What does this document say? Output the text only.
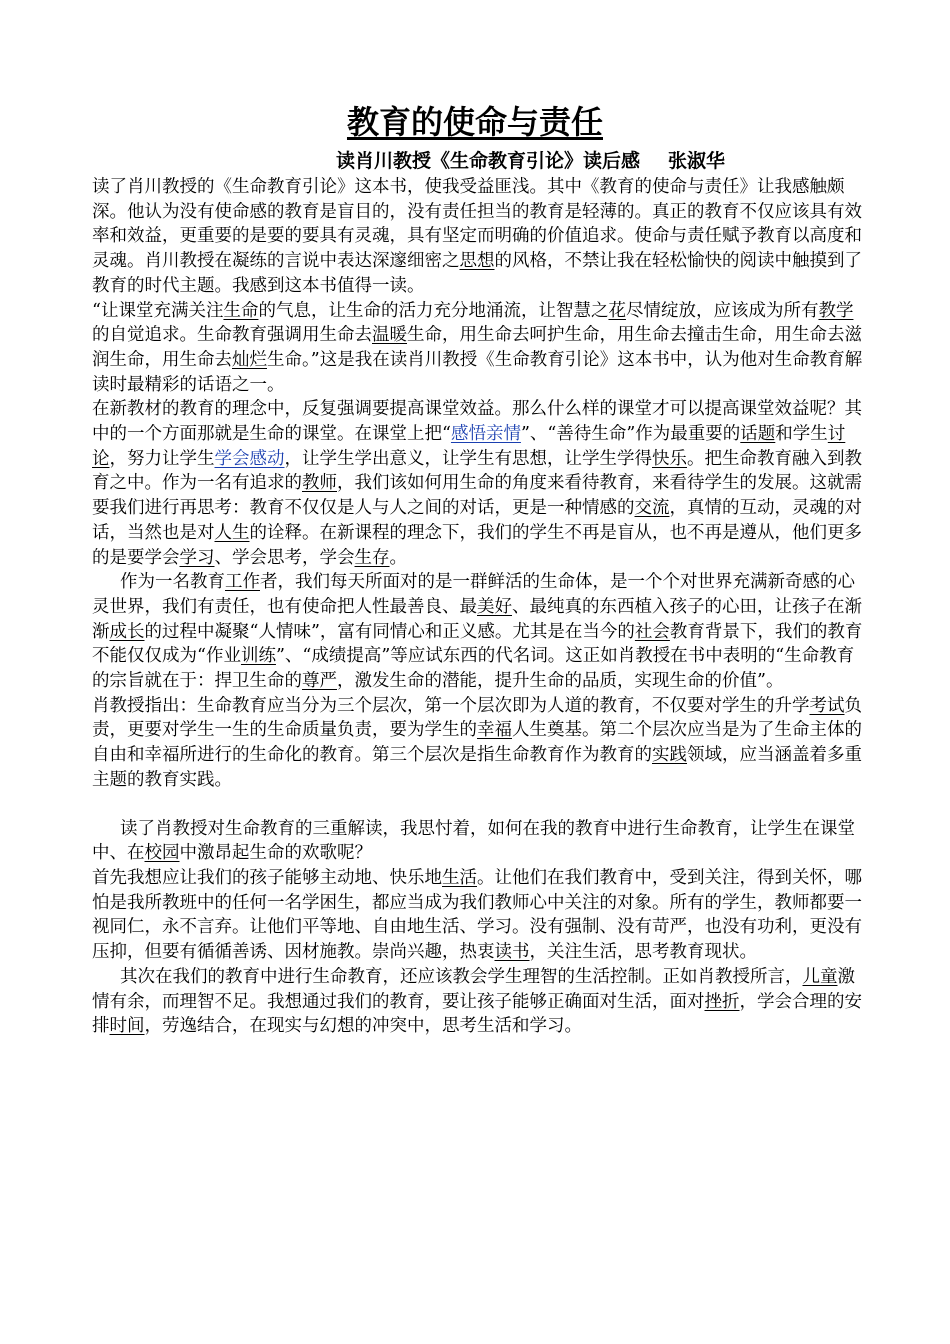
教育的使命与责任
读肖川教授《生命教育引论》读后感 张淑华

读了肖川教授的《生命教育引论》这本书，使我受益匪浅。其中《教育的使命与责任》让我感触颇深。他认为没有使命感的教育是盲目的，没有责任担当的教育是轻薄的。真正的教育不仅应该具有效率和效益，更重要的是要的要具有灵魂，具有坚定而明确的价值追求。使命与责任赋予教育以高度和灵魂。肖川教授在凝练的言说中表达深邃细密之思想的风格，不禁让我在轻松愉快的阅读中触摸到了教育的时代主题。我感到这本书值得一读。

“让课堂充满关注生命的气息，让生命的活力充分地涌流，让智慧之花尽情绽放，应该成为所有教学的自觉追求。生命教育强调用生命去温暖生命，用生命去呵护生命，用生命去撞击生命，用生命去滋润生命，用生命去灿烂生命。”这是我在读肖川教授《生命教育引论》这本书中，认为他对生命教育解读时最精彩的话语之一。

在新教材的教育的理念中，反复强调要提高课堂效益。那么什么样的课堂才可以提高课堂效益呢？其中的一个方面那就是生命的课堂。在课堂上把“感悟亲情”、“善待生命”作为最重要的话题和学生讨论，努力让学生学会感动，让学生学出意义，让学生有思想，让学生学得快乐。把生命教育融入到教育之中。作为一名有追求的教师，我们该如何用生命的角度来看待教育，来看待学生的发展。这就需要我们进行再思考：教育不仅仅是人与人之间的对话，更是一种情感的交流，真情的互动，灵魂的对话，当然也是对人生的诠释。在新课程的理念下，我们的学生不再是盲从，也不再是遵从，他们更多的是要学会学习、学会思考，学会生存。

作为一名教育工作者，我们每天所面对的是一群鲜活的生命体，是一个个对世界充满新奇感的心灵世界，我们有责任，也有使命把人性最善良、最美好、最纯真的东西植入孩子的心田，让孩子在渐渐成长的过程中凝聚“人情味”，富有同情心和正义感。尤其是在当今的社会教育背景下，我们的教育不能仅仅成为“作业训练”、“成绩提高”等应试东西的代名词。这正如肖教授在书中表明的“生命教育的宗旨就在于：捍卫生命的尊严，激发生命的潜能，提升生命的品质，实现生命的价值”。

肖教授指出：生命教育应当分为三个层次，第一个层次即为人道的教育，不仅要对学生的升学考试负责，更要对学生一生的生命质量负责，要为学生的幸福人生奠基。第二个层次应当是为了生命主体的自由和幸福所进行的生命化的教育。第三个层次是指生命教育作为教育的实践领域，应当涵盖着多重主题的教育实践。

读了肖教授对生命教育的三重解读，我思忖着，如何在我的教育中进行生命教育，让学生在课堂中、在校园中激昂起生命的欢歌呢？

首先我想应让我们的孩子能够主动地、快乐地生活。让他们在我们教育中，受到关注，得到关怀，哪怕是我所教班中的任何一名学困生，都应当成为我们教师心中关注的对象。所有的学生，教师都要一视同仁，永不言弃。让他们平等地、自由地生活、学习。没有强制、没有苛严，也没有功利，更没有压抑，但要有循循善诱、因材施教。崇尚兴趣，热衷读书，关注生活，思考教育现状。

其次在我们的教育中进行生命教育，还应该教会学生理智的生活控制。正如肖教授所言，儿童激情有余，而理智不足。我想通过我们的教育，要让孩子能够正确面对生活，面对挫折，学会合理的安排时间，劳逸结合，在现实与幻想的冲突中，思考生活和学习。
